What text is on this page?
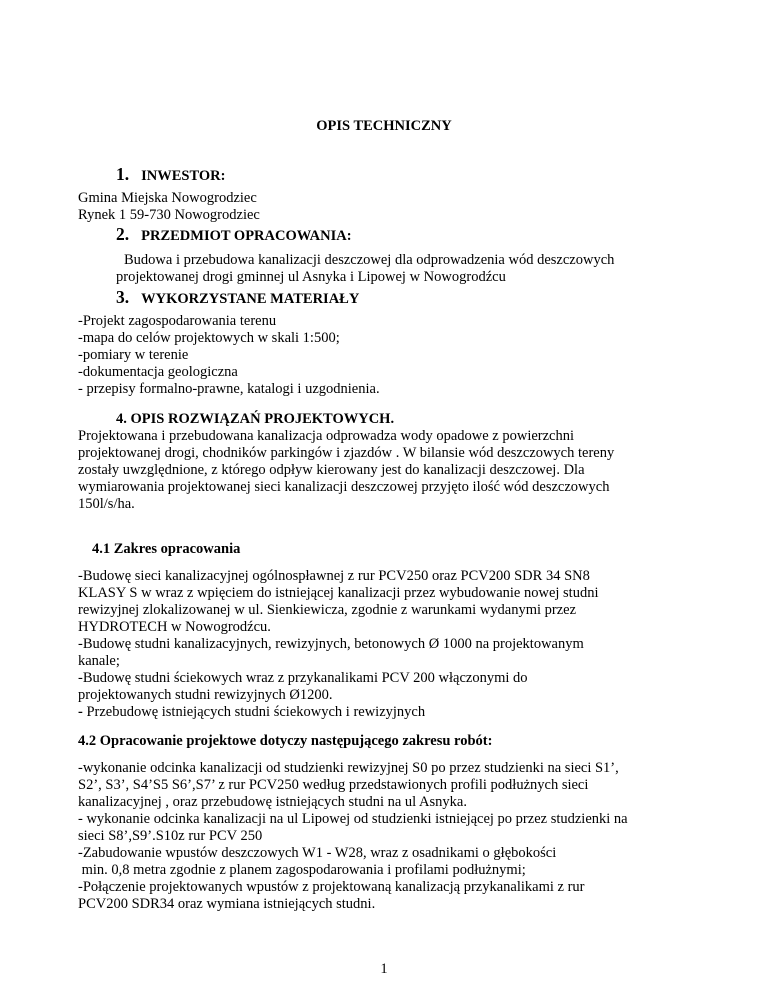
OPIS TECHNICZNY
1. INWESTOR:
Gmina Miejska Nowogrodziec
Rynek 1 59-730 Nowogrodziec
2. PRZEDMIOT OPRACOWANIA:
Budowa i przebudowa kanalizacji deszczowej dla odprowadzenia wód deszczowych
projektowanej drogi gminnej ul Asnyka i Lipowej w Nowogrodźcu
3. WYKORZYSTANE MATERIAŁY
-Projekt zagospodarowania terenu
-mapa do celów projektowych w skali 1:500;
-pomiary w terenie
-dokumentacja geologiczna
- przepisy formalno-prawne, katalogi i uzgodnienia.
4. OPIS ROZWIĄZAŃ PROJEKTOWYCH.
Projektowana i przebudowana kanalizacja odprowadza wody opadowe z powierzchni
projektowanej drogi, chodników parkingów i zjazdów . W bilansie wód deszczowych tereny
zostały uwzględnione, z którego odpływ kierowany jest do kanalizacji deszczowej. Dla
wymiarowania projektowanej sieci kanalizacji deszczowej przyjęto ilość wód deszczowych
150l/s/ha.
4.1 Zakres opracowania
-Budowę sieci kanalizacyjnej ogólnospławnej z rur PCV250 oraz PCV200 SDR 34 SN8
KLASY S w wraz z wpięciem do istniejącej kanalizacji przez wybudowanie nowej studni
rewizyjnej zlokalizowanej w ul. Sienkiewicza, zgodnie z warunkami wydanymi przez
HYDROTECH w Nowogrodźcu.
-Budowę studni kanalizacyjnych, rewizyjnych, betonowych Ø 1000 na projektowanym
kanale;
-Budowę studni ściekowych wraz z przykanalikami PCV 200 włączonymi do
projektowanych studni rewizyjnych Ø1200.
- Przebudowę istniejących studni ściekowych i rewizyjnych
4.2 Opracowanie projektowe dotyczy następującego zakresu robót:
-wykonanie odcinka kanalizacji od studzienki rewizyjnej S0 po przez studzienki na sieci S1’,
S2’, S3’, S4’S5 S6’,S7’ z rur PCV250 według przedstawionych profili podłużnych sieci
kanalizacyjnej , oraz przebudowę istniejących studni na ul Asnyka.
- wykonanie odcinka kanalizacji na ul Lipowej od studzienki istniejącej po przez studzienki na
sieci S8’,S9’.S10z rur PCV 250
-Zabudowanie wpustów deszczowych W1 - W28, wraz z osadnikami o głębokości
min. 0,8 metra zgodnie z planem zagospodarowania i profilami podłużnymi;
-Połączenie projektowanych wpustów z projektowaną kanalizacją przykanalikami z rur
PCV200 SDR34 oraz wymiana istniejących studni.
1
